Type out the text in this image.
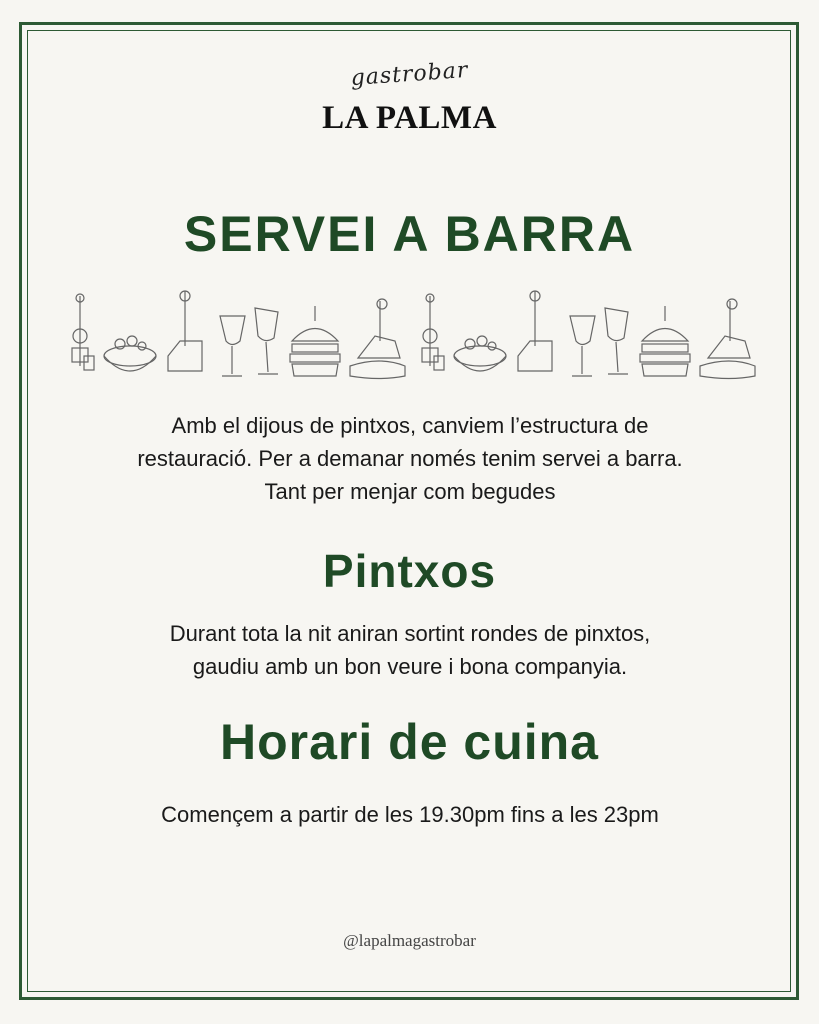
gastrobar
LA PALMA
SERVEI A BARRA
Amb el dijous de pintxos, canviem l’estructura de
restauració. Per a demanar només tenim servei a barra.
Tant per menjar com begudes
Pintxos
Durant tota la nit aniran sortint rondes de pinxtos,
gaudiu amb un bon veure i bona companyia.
Horari de cuina
Començem a partir de les 19.30pm fins a les 23pm
@lapalmagastrobar
